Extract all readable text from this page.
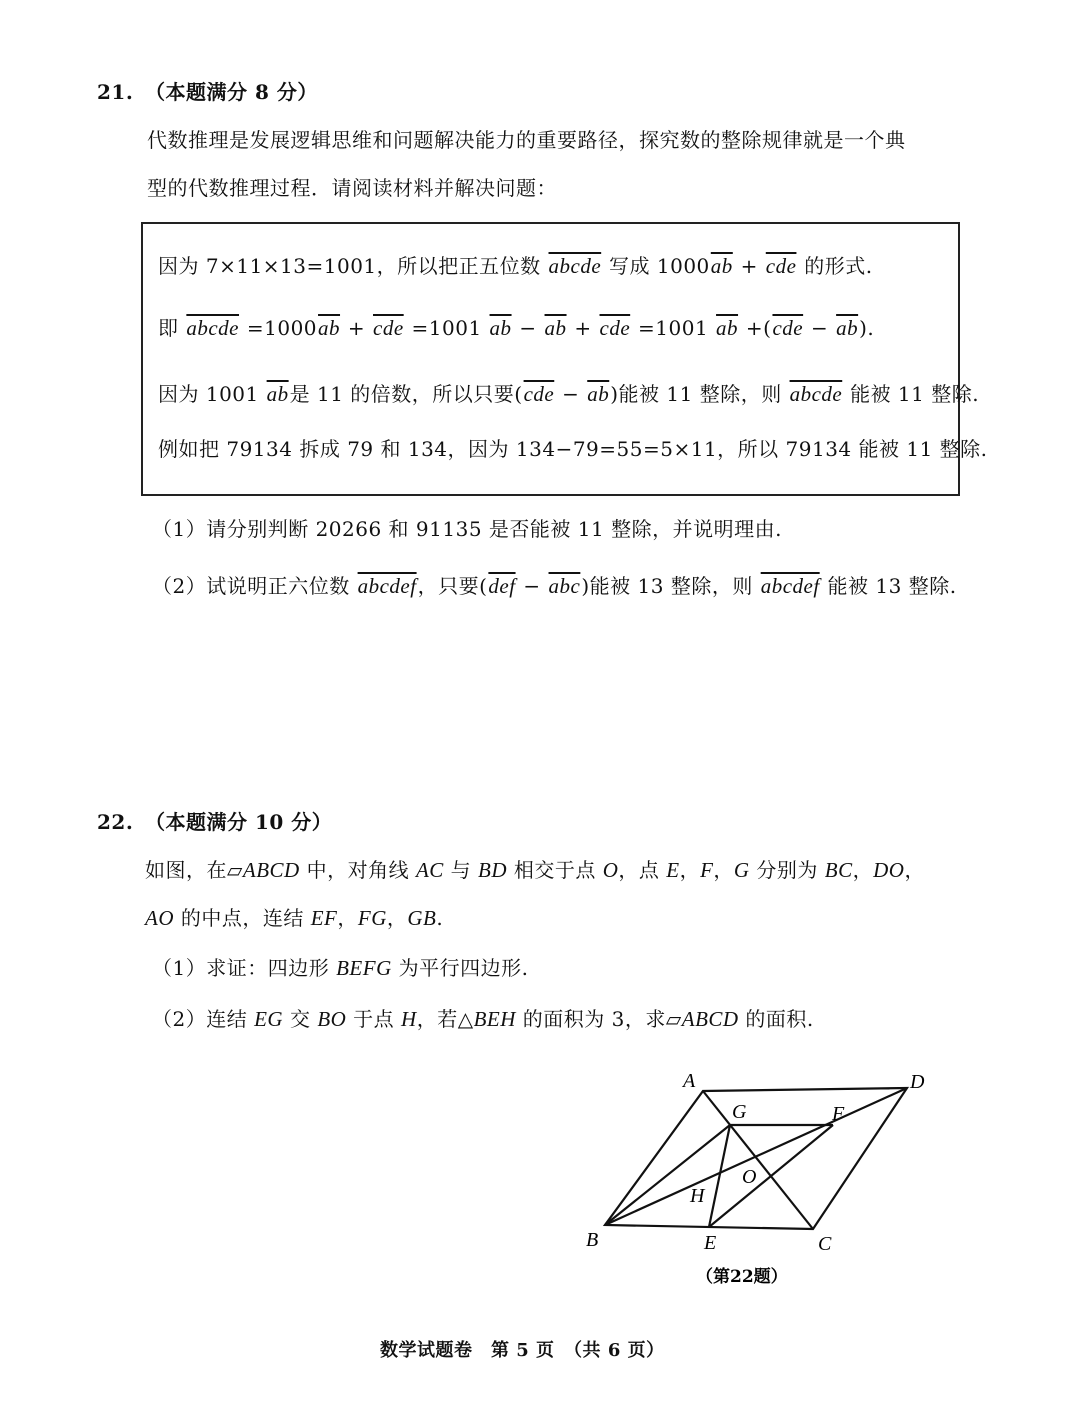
21. （本题满分 8 分）
代数推理是发展逻辑思维和问题解决能力的重要路径，探究数的整除规律就是一个典
型的代数推理过程．请阅读材料并解决问题：
因为 7×11×13=1001，所以把正五位数 abcde 写成 $1000\overline{ab} + \overline{cde}$ 的形式.
即 abcde $=1000\overline{ab} + \overline{cde} =1001$ $\overline{ab} - \overline{ab} + \overline{cde} =1001$ $\overline{ab} +(\overline{cde} - \overline{ab})$.
因为 1001 $\overline{ab}$是 11 的倍数，所以只要$(\overline{cde} - \overline{ab})$能被 11 整除，则 abcde 能被 11 整除.
例如把 79134 拆成 79 和 134，因为 134−79=55=5×11，所以 79134 能被 11 整除.
（1）请分别判断 20266 和 91135 是否能被 11 整除，并说明理由.
（2）试说明正六位数 abcdef，只要$(\overline{def} - \overline{abc})$能被 13 整除，则 abcdef 能被 13 整除.
22. （本题满分 10 分）
如图，在▱ABCD 中，对角线 AC 与 BD 相交于点 O，点 E，F，G 分别为 BC，DO，
AO 的中点，连结 EF，FG，GB.
（1）求证：四边形 BEFG 为平行四边形.
（2）连结 EG 交 BO 于点 H，若△BEH 的面积为 3，求▱ABCD 的面积.
A	D
B	C
E
F
G
H
O
（第22题）
数学试题卷　第 5 页　（共 6 页）
